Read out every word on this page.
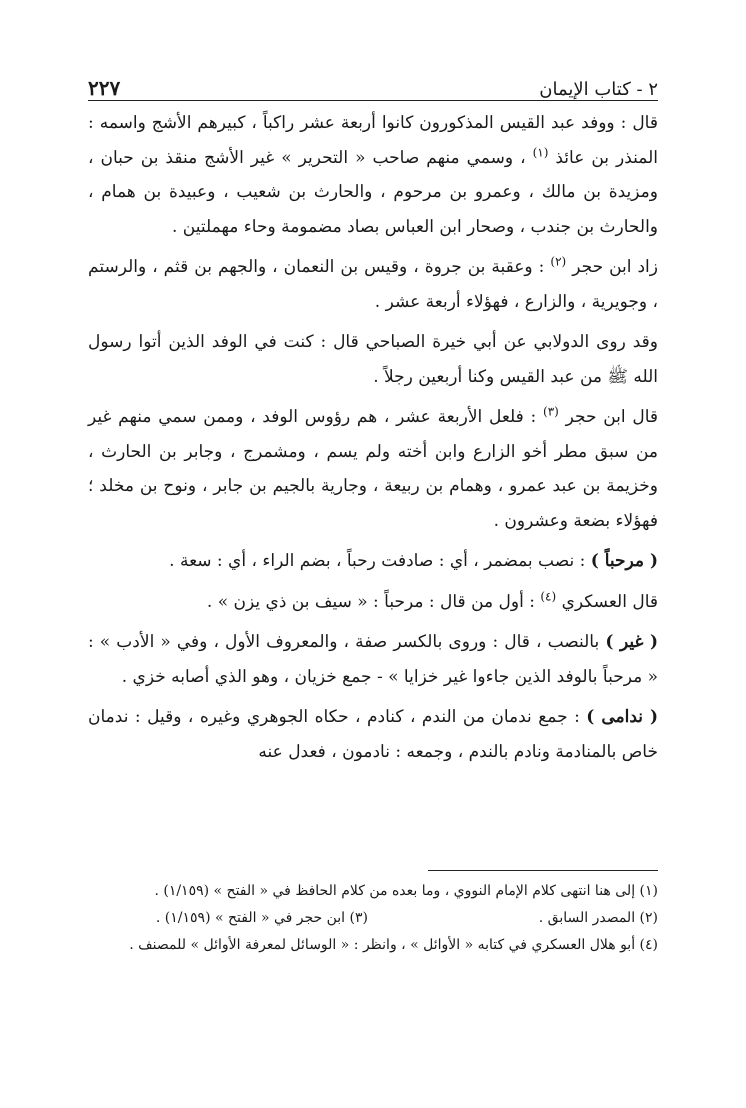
٢ - كتاب الإيمان
٢٢٧

قال : ووفد عبد القيس المذكورون كانوا أربعة عشر راكباً ، كبيرهم الأشج واسمه : المنذر بن عائذ $^{(١)}$ ، وسمي منهم صاحب « التحرير » غير الأشج منقذ بن حبان ، ومزيدة بن مالك ، وعمرو بن مرحوم ، والحارث بن شعيب ، وعبيدة بن همام ، والحارث بن جندب ، وصحار ابن العباس بصاد مضمومة وحاء مهملتين .

زاد ابن حجر $^{(٢)}$ : وعقبة بن جروة ، وقيس بن النعمان ، والجهم بن قثم ، والرستم ، وجويرية ، والزارع ، فهؤلاء أربعة عشر .

وقد روى الدولابي عن أبي خيرة الصباحي قال : كنت في الوفد الذين أتوا رسول الله ﷺ من عبد القيس وكنا أربعين رجلاً .

قال ابن حجر $^{(٣)}$ : فلعل الأربعة عشر ، هم رؤوس الوفد ، وممن سمي منهم غير من سبق مطر أخو الزارع وابن أخته ولم يسم ، ومشمرج ، وجابر بن الحارث ، وخزيمة بن عبد عمرو ، وهمام بن ربيعة ، وجارية بالجيم بن جابر ، ونوح بن مخلد ؛ فهؤلاء بضعة وعشرون .

( مرحباً ) : نصب بمضمر ، أي : صادفت رحباً ، بضم الراء ، أي : سعة .

قال العسكري $^{(٤)}$ : أول من قال : مرحباً : « سيف بن ذي يزن » .

( غير ) بالنصب ، قال : وروى بالكسر صفة ، والمعروف الأول ، وفي « الأدب » : « مرحباً بالوفد الذين جاءوا غير خزايا » - جمع خزيان ، وهو الذي أصابه خزي .

( ندامى ) : جمع ندمان من الندم ، كنادم ، حكاه الجوهري وغيره ، وقيل : ندمان خاص بالمنادمة ونادم بالندم ، وجمعه : نادمون ، فعدل عنه

(١) إلى هنا انتهى كلام الإمام النووي ، وما بعده من كلام الحافظ في « الفتح » (١/١٥٩) .

(٢) المصدر السابق .
(٣) ابن حجر في « الفتح » (١/١٥٩) .

(٤) أبو هلال العسكري في كتابه « الأوائل » ، وانظر : « الوسائل لمعرفة الأوائل » للمصنف .
